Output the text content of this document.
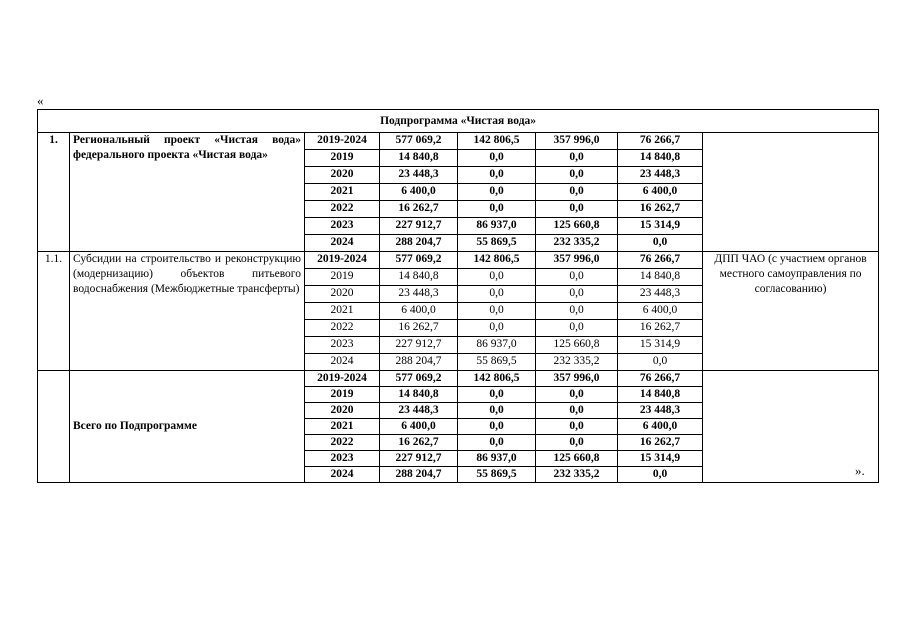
«
Подпрограмма «Чистая вода»							
1.	Региональный проект «Чистая вода» федерального проекта «Чистая вода»	2019-2024	577 069,2	142 806,5	357 996,0	76 266,7	
		2019	14 840,8	0,0	0,0	14 840,8	
		2020	23 448,3	0,0	0,0	23 448,3	
		2021	6 400,0	0,0	0,0	6 400,0	
		2022	16 262,7	0,0	0,0	16 262,7	
		2023	227 912,7	86 937,0	125 660,8	15 314,9	
		2024	288 204,7	55 869,5	232 335,2	0,0	
1.1.	Субсидии на строительство и реконструкцию (модернизацию) объектов питьевого водоснабжения (Межбюджетные трансферты)	2019-2024	577 069,2	142 806,5	357 996,0	76 266,7	ДПП ЧАО (с участием органов местного самоуправления по согласованию)
		2019	14 840,8	0,0	0,0	14 840,8	
		2020	23 448,3	0,0	0,0	23 448,3	
		2021	6 400,0	0,0	0,0	6 400,0	
		2022	16 262,7	0,0	0,0	16 262,7	
		2023	227 912,7	86 937,0	125 660,8	15 314,9	
		2024	288 204,7	55 869,5	232 335,2	0,0	
	Всего по Подпрограмме	2019-2024	577 069,2	142 806,5	357 996,0	76 266,7	
		2019	14 840,8	0,0	0,0	14 840,8	
		2020	23 448,3	0,0	0,0	23 448,3	
		2021	6 400,0	0,0	0,0	6 400,0	
		2022	16 262,7	0,0	0,0	16 262,7	
		2023	227 912,7	86 937,0	125 660,8	15 314,9	
		2024	288 204,7	55 869,5	232 335,2	0,0		».
